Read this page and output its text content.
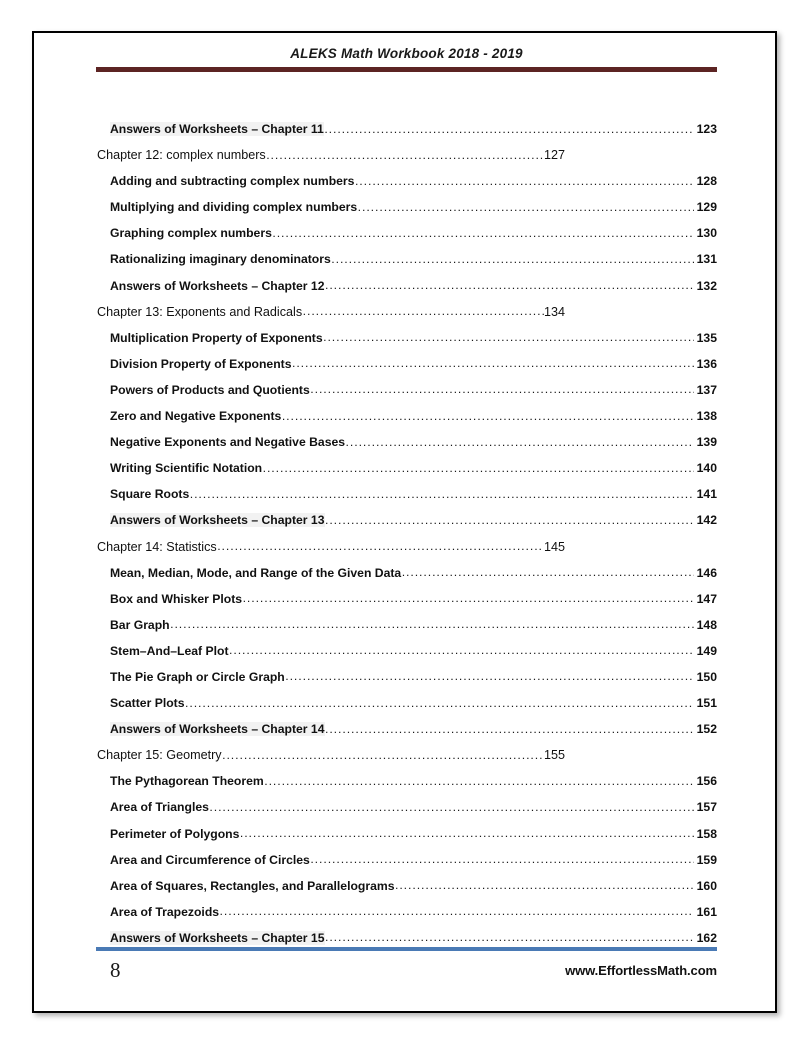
ALEKS Math Workbook 2018 - 2019
Answers of Worksheets – Chapter 11 .....	123
Chapter 12: complex numbers .....	127
Adding and subtracting complex numbers .....	128
Multiplying and dividing complex numbers .....	129
Graphing complex numbers .....	130
Rationalizing imaginary denominators .....	131
Answers of Worksheets – Chapter 12 .....	132
Chapter 13: Exponents and Radicals .....	134
Multiplication Property of Exponents .....	135
Division Property of Exponents .....	136
Powers of Products and Quotients .....	137
Zero and Negative Exponents .....	138
Negative Exponents and Negative Bases .....	139
Writing Scientific Notation .....	140
Square Roots .....	141
Answers of Worksheets – Chapter 13 .....	142
Chapter 14: Statistics .....	145
Mean, Median, Mode, and Range of the Given Data .....	146
Box and Whisker Plots .....	147
Bar Graph .....	148
Stem–And–Leaf Plot .....	149
The Pie Graph or Circle Graph .....	150
Scatter Plots .....	151
Answers of Worksheets – Chapter 14 .....	152
Chapter 15: Geometry .....	155
The Pythagorean Theorem .....	156
Area of Triangles .....	157
Perimeter of Polygons .....	158
Area and Circumference of Circles .....	159
Area of Squares, Rectangles, and Parallelograms .....	160
Area of Trapezoids .....	161
Answers of Worksheets – Chapter 15 .....	162
8	www.EffortlessMath.com
